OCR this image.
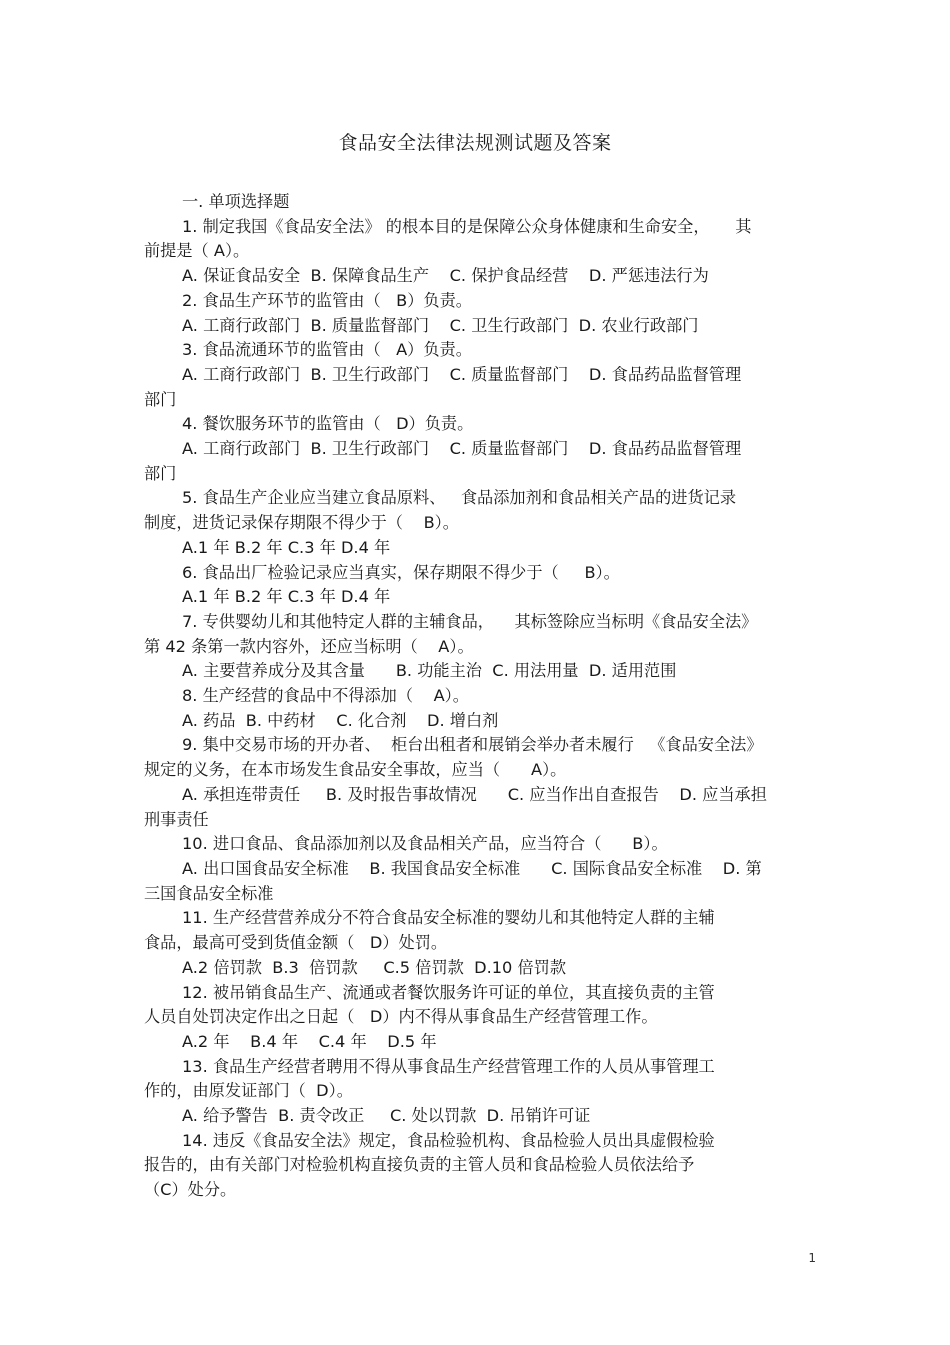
食品安全法律法规测试题及答案

一. 单项选择题

1. 制定我国《食品安全法》 的根本目的是保障公众身体健康和生命安全，     其

前提是（ A）。

A. 保证食品安全  B. 保障食品生产    C. 保护食品经营    D. 严惩违法行为

2. 食品生产环节的监管由（   B）负责。

A. 工商行政部门  B. 质量监督部门    C. 卫生行政部门  D. 农业行政部门

3. 食品流通环节的监管由（   A）负责。

A. 工商行政部门  B. 卫生行政部门    C. 质量监督部门    D. 食品药品监督管理

部门

4. 餐饮服务环节的监管由（   D）负责。

A. 工商行政部门  B. 卫生行政部门    C. 质量监督部门    D. 食品药品监督管理

部门

5. 食品生产企业应当建立食品原料、   食品添加剂和食品相关产品的进货记录

制度，进货记录保存期限不得少于（    B）。

A.1 年 B.2 年 C.3 年 D.4 年

6. 食品出厂检验记录应当真实，保存期限不得少于（     B）。

A.1 年 B.2 年 C.3 年 D.4 年

7. 专供婴幼儿和其他特定人群的主辅食品，    其标签除应当标明《食品安全法》

第 42 条第一款内容外，还应当标明（    A）。

A. 主要营养成分及其含量      B. 功能主治  C. 用法用量  D. 适用范围

8. 生产经营的食品中不得添加（    A）。

A. 药品  B. 中药材    C. 化合剂    D. 增白剂

9. 集中交易市场的开办者、  柜台出租者和展销会举办者未履行   《食品安全法》

规定的义务，在本市场发生食品安全事故，应当（      A）。

A. 承担连带责任     B. 及时报告事故情况      C. 应当作出自查报告    D. 应当承担

刑事责任

10. 进口食品、食品添加剂以及食品相关产品，应当符合（      B）。

A. 出口国食品安全标准    B. 我国食品安全标准      C. 国际食品安全标准    D. 第

三国食品安全标准

11. 生产经营营养成分不符合食品安全标准的婴幼儿和其他特定人群的主辅

食品，最高可受到货值金额（   D）处罚。

A.2 倍罚款  B.3  倍罚款     C.5 倍罚款  D.10 倍罚款

12. 被吊销食品生产、流通或者餐饮服务许可证的单位，其直接负责的主管

人员自处罚决定作出之日起（   D）内不得从事食品生产经营管理工作。

A.2 年    B.4 年    C.4 年    D.5 年

13. 食品生产经营者聘用不得从事食品生产经营管理工作的人员从事管理工

作的，由原发证部门（  D）。

A. 给予警告  B. 责令改正     C. 处以罚款  D. 吊销许可证

14. 违反《食品安全法》规定，食品检验机构、食品检验人员出具虚假检验

报告的，由有关部门对检验机构直接负责的主管人员和食品检验人员依法给予

（C）处分。

1
